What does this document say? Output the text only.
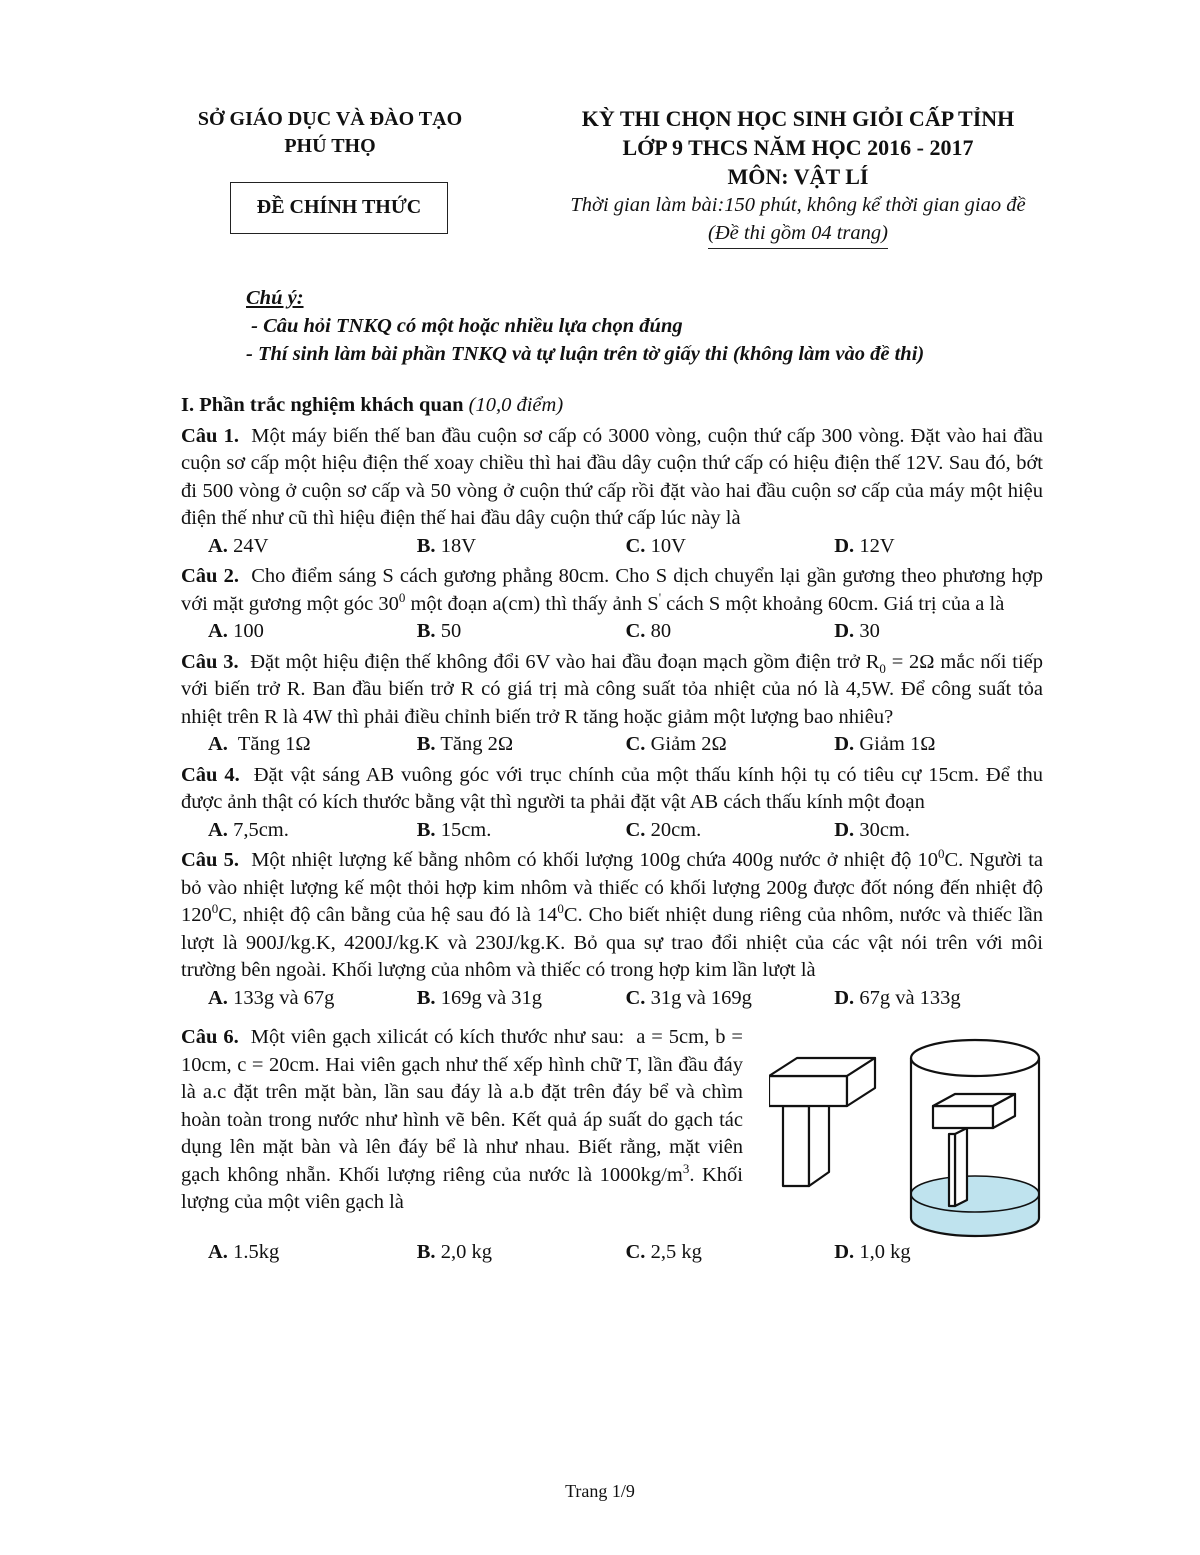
SỞ GIÁO DỤC VÀ ĐÀO TẠO
PHÚ THỌ
ĐỀ CHÍNH THỨC
KỲ THI CHỌN HỌC SINH GIỎI CẤP TỈNH
LỚP 9 THCS NĂM HỌC 2016 - 2017
MÔN: VẬT LÍ
Thời gian làm bài:150 phút, không kể thời gian giao đề
(Đề thi gồm 04 trang)
Chú ý:
- Câu hỏi TNKQ có một hoặc nhiều lựa chọn đúng
- Thí sinh làm bài phần TNKQ và tự luận trên tờ giấy thi (không làm vào đề thi)
I. Phần trắc nghiệm khách quan (10,0 điểm)
Câu 1.  Một máy biến thế ban đầu cuộn sơ cấp có 3000 vòng, cuộn thứ cấp 300 vòng. Đặt vào hai đầu cuộn sơ cấp một hiệu điện thế xoay chiều thì hai đầu dây cuộn thứ cấp có hiệu điện thế 12V. Sau đó, bớt đi 500 vòng ở cuộn sơ cấp và 50 vòng ở cuộn thứ cấp rồi đặt vào hai đầu cuộn sơ cấp của máy một hiệu điện thế như cũ thì hiệu điện thế hai đầu dây cuộn thứ cấp lúc này là
A. 24V	B. 18V	C. 10V	D. 12V
Câu 2.  Cho điểm sáng S cách gương phẳng 80cm. Cho S dịch chuyển lại gần gương theo phương hợp với mặt gương một góc $30^0$ một đoạn a(cm) thì thấy ảnh S' cách S một khoảng 60cm. Giá trị của a là
A. 100	B. 50	C. 80	D. 30
Câu 3.  Đặt một hiệu điện thế không đổi 6V vào hai đầu đoạn mạch gồm điện trở $R_0 = 2\Omega$ mắc nối tiếp với biến trở R. Ban đầu biến trở R có giá trị mà công suất tỏa nhiệt của nó là 4,5W. Để công suất tỏa nhiệt trên R là 4W thì phải điều chỉnh biến trở R tăng hoặc giảm một lượng bao nhiêu?
A.  Tăng 1Ω	B. Tăng 2Ω	C. Giảm 2Ω	D. Giảm 1Ω
Câu 4.  Đặt vật sáng AB vuông góc với trục chính của một thấu kính hội tụ có tiêu cự 15cm. Để thu được ảnh thật có kích thước bằng vật thì người ta phải đặt vật AB cách thấu kính một đoạn
A. 7,5cm.	B. 15cm.	C. 20cm.	D. 30cm.
Câu 5.  Một nhiệt lượng kế bằng nhôm có khối lượng 100g chứa 400g nước ở nhiệt độ $10^0C$. Người ta bỏ vào nhiệt lượng kế một thỏi hợp kim nhôm và thiếc có khối lượng 200g được đốt nóng đến nhiệt độ $120^0C$, nhiệt độ cân bằng của hệ sau đó là $14^0C$. Cho biết nhiệt dung riêng của nhôm, nước và thiếc lần lượt là 900J/kg.K, 4200J/kg.K và 230J/kg.K. Bỏ qua sự trao đổi nhiệt của các vật nói trên với môi trường bên ngoài. Khối lượng của nhôm và thiếc có trong hợp kim lần lượt là
A. 133g và 67g	B. 169g và 31g	C. 31g và 169g	D. 67g và 133g
Câu 6.  Một viên gạch xilicát có kích thước như sau:  a = 5cm, b = 10cm, c = 20cm. Hai viên gạch như thế xếp hình chữ T, lần đầu đáy là a.c đặt trên mặt bàn, lần sau đáy là a.b đặt trên đáy bể và chìm hoàn toàn trong nước như hình vẽ bên. Kết quả áp suất do gạch tác dụng lên mặt bàn và lên đáy bể là như nhau. Biết rằng, mặt viên gạch không nhẵn. Khối lượng riêng của nước là $1000kg/m^3$. Khối lượng của một viên gạch là
A. 1.5kg	B. 2,0 kg	C. 2,5 kg	D. 1,0 kg
Trang 1/9
